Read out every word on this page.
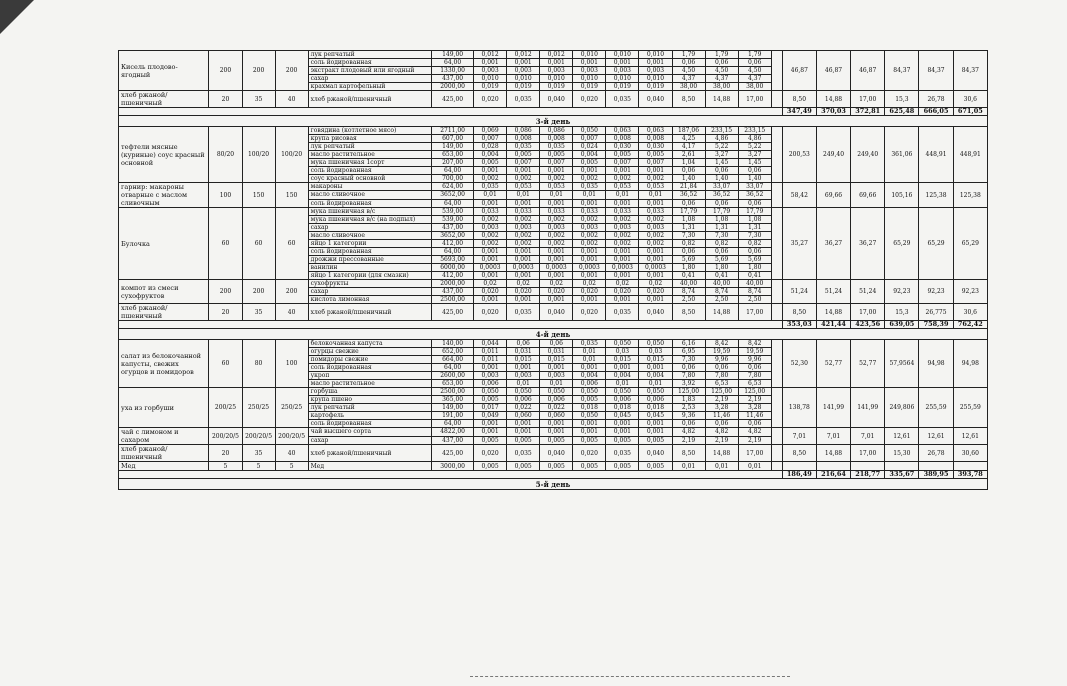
Кисель плодово-ягодный	200	200	200	лук репчатый	149,00	0,012	0,012	0,012	0,010	0,010	0,010	1,79	1,79	1,79		46,87	46,87	46,87	84,37	84,37	84,37
				соль йодированная	64,00	0,001	0,001	0,001	0,001	0,001	0,001	0,06	0,06	0,06							
				экстракт плодовый или ягодный	1330,00	0,003	0,003	0,003	0,003	0,003	0,003	4,50	4,50	4,50							
				сахар	437,00	0,010	0,010	0,010	0,010	0,010	0,010	4,37	4,37	4,37							
				крахмал картофельный	2000,00	0,019	0,019	0,019	0,019	0,019	0,019	38,00	38,00	38,00							
хлеб ржаной/пшеничный	20	35	40	хлеб ржаной/пшеничный	425,00	0,020	0,035	0,040	0,020	0,035	0,040	8,50	14,88	17,00		8,50	14,88	17,00	15,3	26,78	30,6
																347,49	370,03	372,81	625,48	666,05	671,05
3-й день																					
тефтели мясные (куриные) соус красный основной	80/20	100/20	100/20	говядина (котлетное мясо)	2711,00	0,069	0,086	0,086	0,050	0,063	0,063	187,06	233,15	233,15		200,53	249,40	249,40	361,06	448,91	448,91
				крупа рисовая	607,00	0,007	0,008	0,008	0,007	0,008	0,008	4,25	4,86	4,86							
				лук репчатый	149,00	0,028	0,035	0,035	0,024	0,030	0,030	4,17	5,22	5,22							
				масло растительное	653,00	0,004	0,005	0,005	0,004	0,005	0,005	2,61	3,27	3,27							
				мука пшеничная 1сорт	207,00	0,005	0,007	0,007	0,005	0,007	0,007	1,04	1,45	1,45							
				соль йодированная	64,00	0,001	0,001	0,001	0,001	0,001	0,001	0,06	0,06	0,06							
				соус красный основной	700,00	0,002	0,002	0,002	0,002	0,002	0,002	1,40	1,40	1,40							
гарнир: макароны отварные с маслом сливочным	100	150	150	макароны	624,00	0,035	0,053	0,053	0,035	0,053	0,053	21,84	33,07	33,07		58,42	69,66	69,66	105,16	125,38	125,38
				масло сливочное	3652,00	0,01	0,01	0,01	0,01	0,01	0,01	36,52	36,52	36,52							
				соль йодированная	64,00	0,001	0,001	0,001	0,001	0,001	0,001	0,06	0,06	0,06							
Булочка	60	60	60	мука пшеничная в/с	539,00	0,033	0,033	0,033	0,033	0,033	0,033	17,79	17,79	17,79		35,27	36,27	36,27	65,29	65,29	65,29
				мука пшеничная в/с (на подпыл)	539,00	0,002	0,002	0,002	0,002	0,002	0,002	1,08	1,08	1,08							
				сахар	437,00	0,003	0,003	0,003	0,003	0,003	0,003	1,31	1,31	1,31							
				масло сливочное	3652,00	0,002	0,002	0,002	0,002	0,002	0,002	7,30	7,30	7,30							
				яйцо 1 категории	412,00	0,002	0,002	0,002	0,002	0,002	0,002	0,82	0,82	0,82							
				соль йодированная	64,00	0,001	0,001	0,001	0,001	0,001	0,001	0,06	0,06	0,06							
				дрожжи прессованные	5693,00	0,001	0,001	0,001	0,001	0,001	0,001	5,69	5,69	5,69							
				ванилин	6000,00	0,0003	0,0003	0,0003	0,0003	0,0003	0,0003	1,80	1,80	1,80							
				яйцо 1 категории (для смазки)	412,00	0,001	0,001	0,001	0,001	0,001	0,001	0,41	0,41	0,41							
компот из смеси сухофруктов	200	200	200	сухофрукты	2000,00	0,02	0,02	0,02	0,02	0,02	0,02	40,00	40,00	40,00		51,24	51,24	51,24	92,23	92,23	92,23
				сахар	437,00	0,020	0,020	0,020	0,020	0,020	0,020	8,74	8,74	8,74							
				кислота лимонная	2500,00	0,001	0,001	0,001	0,001	0,001	0,001	2,50	2,50	2,50							
хлеб ржаной/пшеничный	20	35	40	хлеб ржаной/пшеничный	425,00	0,020	0,035	0,040	0,020	0,035	0,040	8,50	14,88	17,00		8,50	14,88	17,00	15,3	26,775	30,6
																353,03	421,44	423,56	639,05	758,39	762,42
4-й день																					
салат из белокочанной капусты, свежих огурцов и помидоров	60	80	100	белокочанная капуста	140,00	0,044	0,06	0,06	0,035	0,050	0,050	6,16	8,42	8,42		52,30	52,77	52,77	57,9564	94,98	94,98
				огурцы свежие	652,00	0,011	0,031	0,031	0,01	0,03	0,03	6,95	19,59	19,59							
				помидоры свежие	664,00	0,011	0,015	0,015	0,01	0,015	0,015	7,30	9,96	9,96							
				соль йодированная	64,00	0,001	0,001	0,001	0,001	0,001	0,001	0,06	0,06	0,06							
				укроп	2600,00	0,003	0,003	0,003	0,004	0,004	0,004	7,80	7,80	7,80							
				масло растительное	653,00	0,006	0,01	0,01	0,006	0,01	0,01	3,92	6,53	6,53							
уха из горбуши	200/25	250/25	250/25	горбуша	2500,00	0,050	0,050	0,050	0,050	0,050	0,050	125,00	125,00	125,00		138,78	141,99	141,99	249,806	255,59	255,59
				крупа пшено	365,00	0,005	0,006	0,006	0,005	0,006	0,006	1,83	2,19	2,19							
				лук репчатый	149,00	0,017	0,022	0,022	0,018	0,018	0,018	2,53	3,28	3,28							
				картофель	191,00	0,049	0,060	0,060	0,050	0,045	0,045	9,36	11,46	11,46							
				соль йодированная	64,00	0,001	0,001	0,001	0,001	0,001	0,001	0,06	0,06	0,06							
чай с лимоном и сахаром	200/20/5	200/20/5	200/20/5	чай высшего сорта	4822,00	0,001	0,001	0,001	0,001	0,001	0,001	4,82	4,82	4,82		7,01	7,01	7,01	12,61	12,61	12,61
				сахар	437,00	0,005	0,005	0,005	0,005	0,005	0,005	2,19	2,19	2,19							
хлеб ржаной/пшеничный	20	35	40	хлеб ржаной/пшеничный	425,00	0,020	0,035	0,040	0,020	0,035	0,040	8,50	14,88	17,00		8,50	14,88	17,00	15,30	26,78	30,60
Мед	5	5	5	Мед	3000,00	0,005	0,005	0,005	0,005	0,005	0,005	0,01	0,01	0,01							
																186,49	216,64	218,77	335,67	389,95	393,78
5-й день																					
